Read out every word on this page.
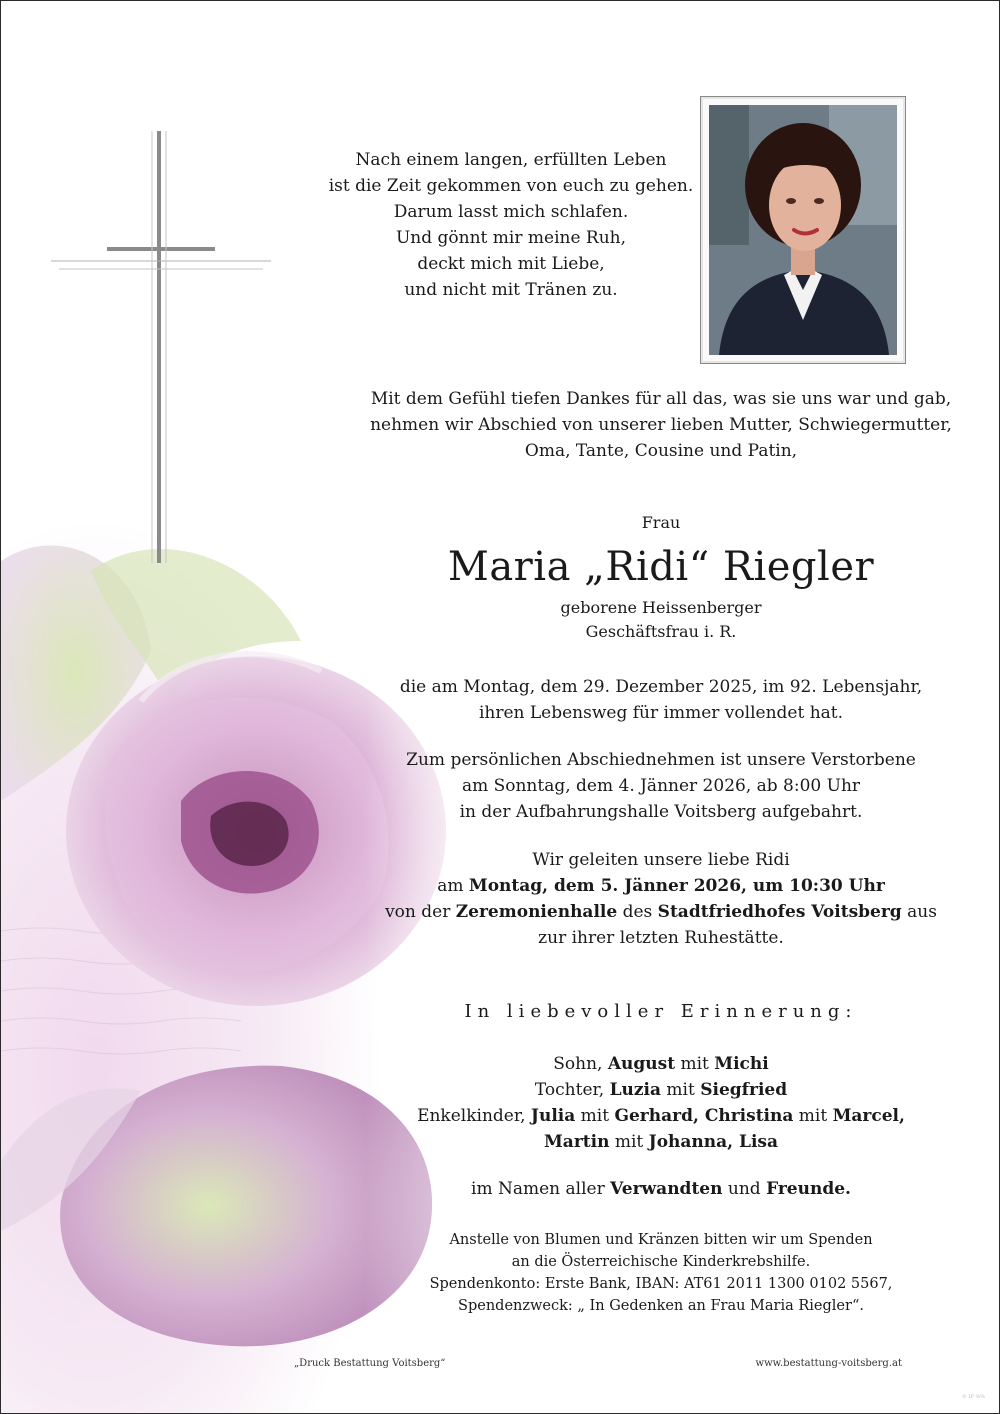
Nach einem langen, erfüllten Leben
ist die Zeit gekommen von euch zu gehen.
Darum lasst mich schlafen.
Und gönnt mir meine Ruh,
deckt mich mit Liebe,
und nicht mit Tränen zu.
Mit dem Gefühl tiefen Dankes für all das, was sie uns war und gab,
nehmen wir Abschied von unserer lieben Mutter, Schwiegermutter,
Oma, Tante, Cousine und Patin,
Frau
Maria „Ridi“ Riegler
geborene Heissenberger
Geschäftsfrau i. R.
die am Montag, dem 29. Dezember 2025, im 92. Lebensjahr,
ihren Lebensweg für immer vollendet hat.
Zum persönlichen Abschiednehmen ist unsere Verstorbene
am Sonntag, dem 4. Jänner 2026, ab 8:00 Uhr
in der Aufbahrungshalle Voitsberg aufgebahrt.
Wir geleiten unsere liebe Ridi
am Montag, dem 5. Jänner 2026, um 10:30 Uhr
von der Zeremonienhalle des Stadtfriedhofes Voitsberg aus
zur ihrer letzten Ruhestätte.
In liebevoller Erinnerung:
Sohn, August mit Michi
Tochter, Luzia mit Siegfried
Enkelkinder, Julia mit Gerhard, Christina mit Marcel,
Martin mit Johanna, Lisa
im Namen aller Verwandten und Freunde.
Anstelle von Blumen und Kränzen bitten wir um Spenden
an die Österreichische Kinderkrebshilfe.
Spendenkonto: Erste Bank, IBAN: AT61 2011 1300 0102 5567,
Spendenzweck: „ In Gedenken an Frau Maria Riegler“.
„Druck Bestattung Voitsberg“	www.bestattung-voitsberg.at
© IP %%
